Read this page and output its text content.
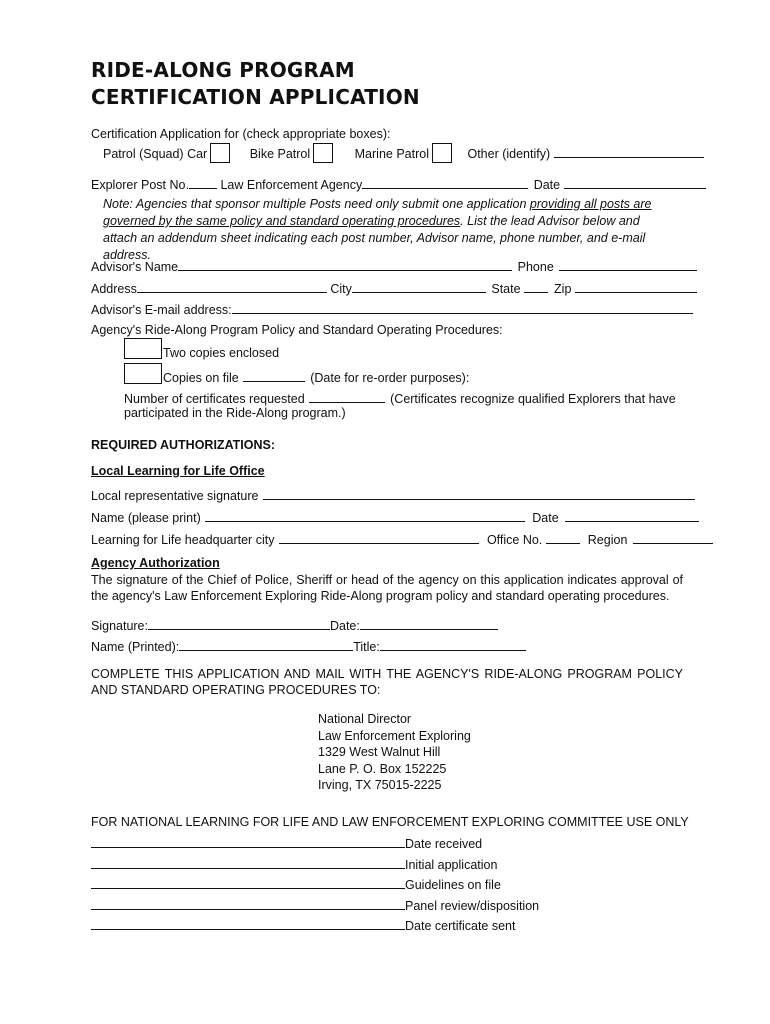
RIDE-ALONG PROGRAM
CERTIFICATION APPLICATION
Certification Application for (check appropriate boxes):
Patrol (Squad) Car	Bike Patrol	Marine Patrol	Other (identify)
Explorer Post No.	Law Enforcement Agency	Date
Note: Agencies that sponsor multiple Posts need only submit one application providing all posts are governed by the same policy and standard operating procedures. List the lead Advisor below and attach an addendum sheet indicating each post number, Advisor name, phone number, and e-mail address.
Advisor's Name	Phone
Address	City	State	Zip
Advisor's E-mail address:
Agency's Ride-Along Program Policy and Standard Operating Procedures:
Two copies enclosed
Copies on file	(Date for re-order purposes):
Number of certificates requested	(Certificates recognize qualified Explorers that have
participated in the Ride-Along program.)
REQUIRED AUTHORIZATIONS:
Local Learning for Life Office
Local representative signature
Name (please print)	Date
Learning for Life headquarter city	Office No.	Region
Agency Authorization
The signature of the Chief of Police, Sheriff or head of the agency on this application indicates approval of the agency's Law Enforcement Exploring Ride-Along program policy and standard operating procedures.
Signature:	Date:
Name (Printed):	Title:
COMPLETE THIS APPLICATION AND MAIL WITH THE AGENCY'S RIDE-ALONG PROGRAM POLICY AND STANDARD OPERATING PROCEDURES TO:
National Director
Law Enforcement Exploring
1329 West Walnut Hill
Lane P. O. Box 152225
Irving, TX 75015-2225
FOR NATIONAL LEARNING FOR LIFE AND LAW ENFORCEMENT EXPLORING COMMITTEE USE ONLY
Date received
Initial application
Guidelines on file
Panel review/disposition
Date certificate sent
